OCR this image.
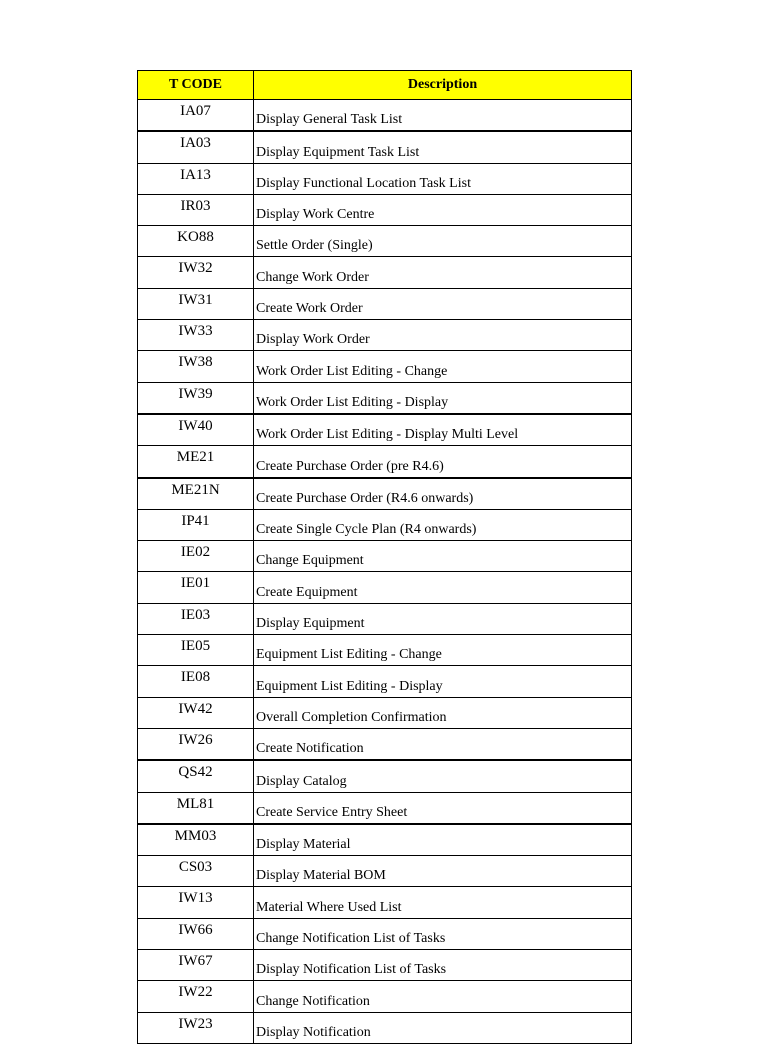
T CODE	Description
IA07	Display General Task List
IA03	Display Equipment Task List
IA13	Display Functional Location Task List
IR03	Display Work Centre
KO88	Settle Order (Single)
IW32	Change Work Order
IW31	Create Work Order
IW33	Display Work Order
IW38	Work Order List Editing - Change
IW39	Work Order List Editing - Display
IW40	Work Order List Editing - Display Multi Level
ME21	Create Purchase Order (pre R4.6)
ME21N	Create Purchase Order (R4.6 onwards)
IP41	Create Single Cycle Plan (R4 onwards)
IE02	Change Equipment
IE01	Create Equipment
IE03	Display Equipment
IE05	Equipment List Editing - Change
IE08	Equipment List Editing - Display
IW42	Overall Completion Confirmation
IW26	Create Notification
QS42	Display Catalog
ML81	Create Service Entry Sheet
MM03	Display Material
CS03	Display Material BOM
IW13	Material Where Used List
IW66	Change Notification List of Tasks
IW67	Display Notification List of Tasks
IW22	Change Notification
IW23	Display Notification
